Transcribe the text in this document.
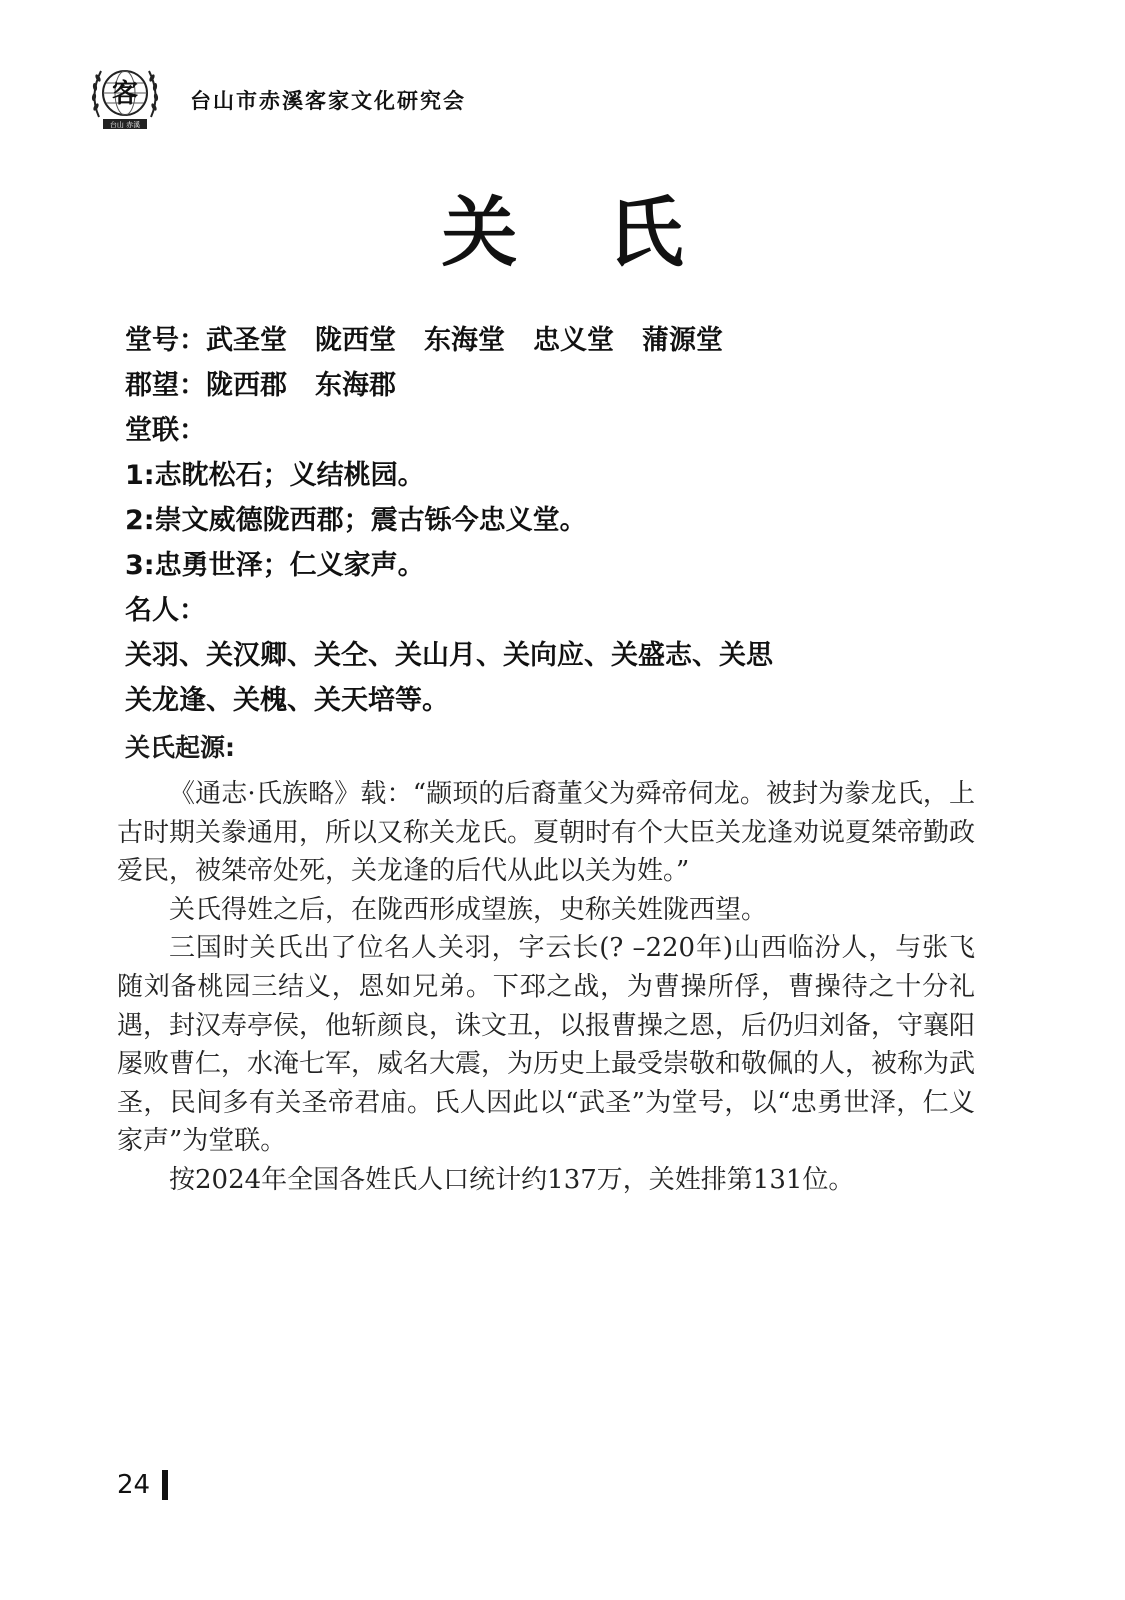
客
台山 赤溪
台山市赤溪客家文化研究会
关氏
堂号：武圣堂 陇西堂 东海堂 忠义堂 蒲源堂
郡望：陇西郡 东海郡
堂联：
1:志眈松石；义结桃园。
2:崇文威德陇西郡；震古铄今忠义堂。
3:忠勇世泽；仁义家声。
名人：
关羽、关汉卿、关仝、关山月、关向应、关盛志、关思
关龙逢、关槐、关天培等。
关氏起源:

《通志·氏族略》载：“颛顼的后裔董父为舜帝伺龙。被封为豢龙氏，上古时期关豢通用，所以又称关龙氏。夏朝时有个大臣关龙逢劝说夏桀帝勤政爱民，被桀帝处死，关龙逢的后代从此以关为姓。”

关氏得姓之后，在陇西形成望族，史称关姓陇西望。

三国时关氏出了位名人关羽，字云长(? –220年)山西临汾人，与张飞随刘备桃园三结义，恩如兄弟。下邳之战，为曹操所俘，曹操待之十分礼遇，封汉寿亭侯，他斩颜良，诛文丑，以报曹操之恩，后仍归刘备，守襄阳屡败曹仁，水淹七军，威名大震，为历史上最受崇敬和敬佩的人，被称为武圣，民间多有关圣帝君庙。氏人因此以“武圣”为堂号，以“忠勇世泽，仁义家声”为堂联。

按2024年全国各姓氏人口统计约137万，关姓排第131位。

24
